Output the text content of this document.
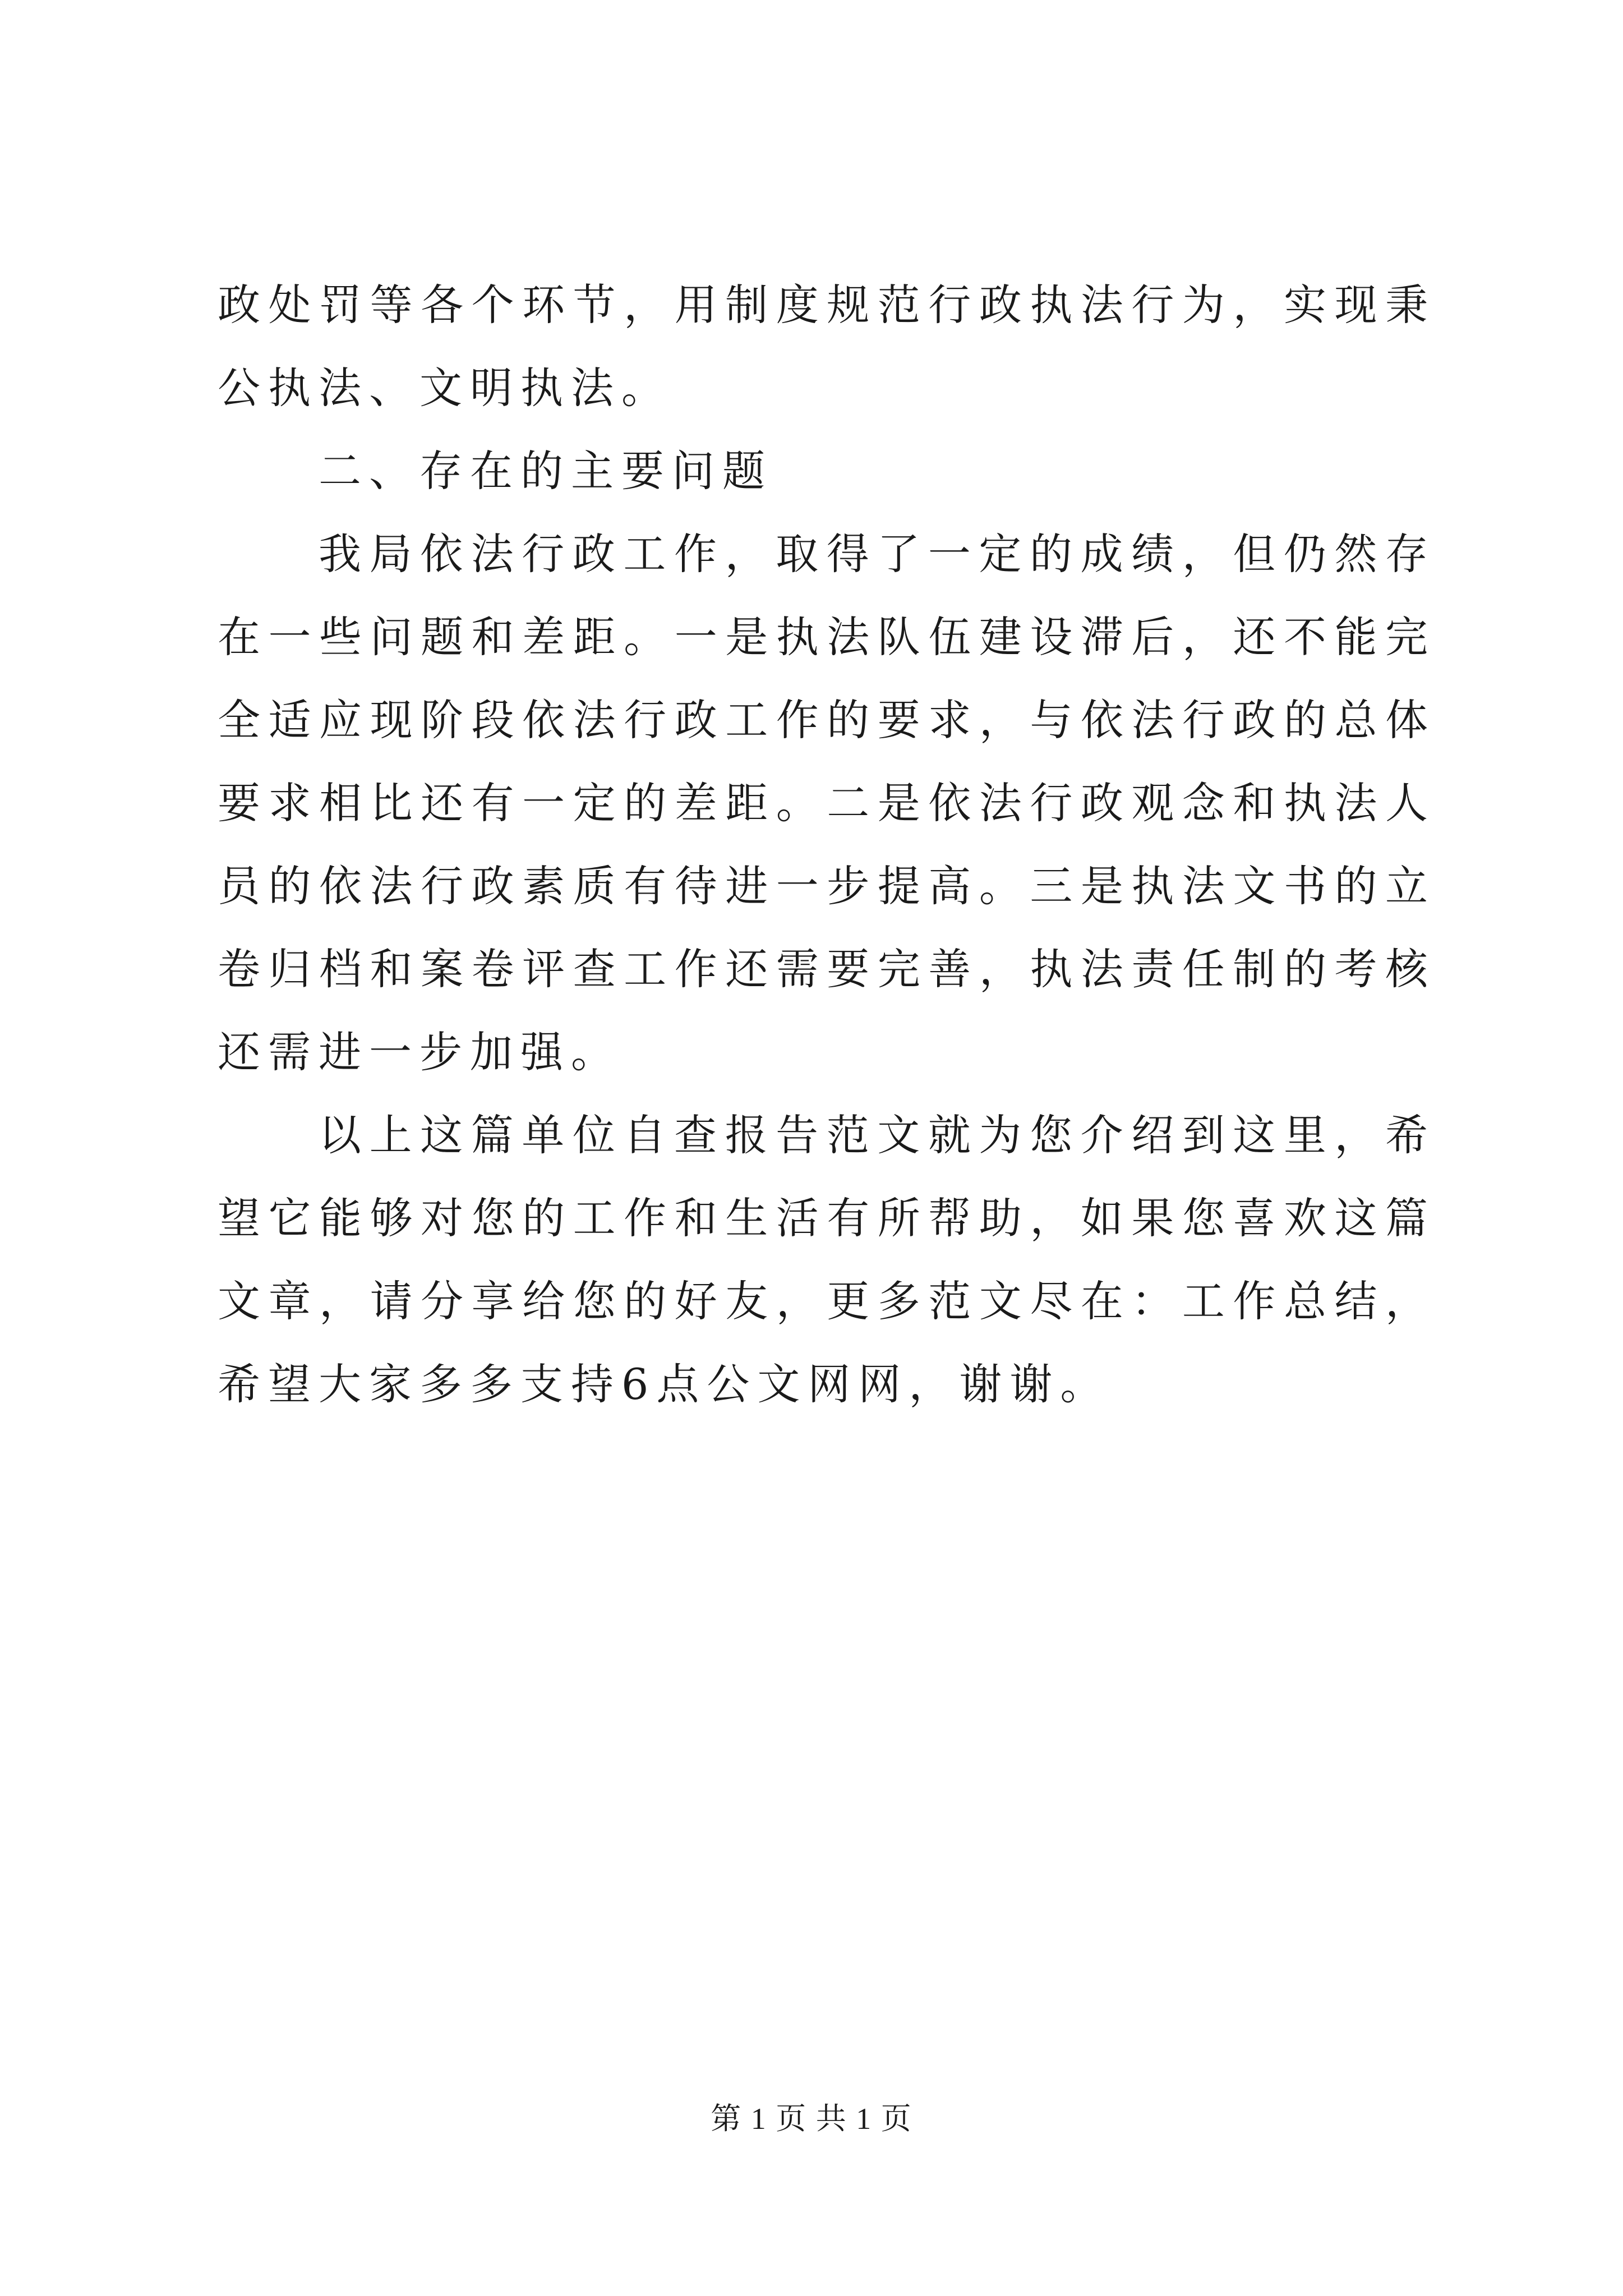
政处罚等各个环节，用制度规范行政执法行为，实现秉公执法、文明执法。

二、存在的主要问题

我局依法行政工作，取得了一定的成绩，但仍然存在一些问题和差距。一是执法队伍建设滞后，还不能完全适应现阶段依法行政工作的要求，与依法行政的总体要求相比还有一定的差距。二是依法行政观念和执法人员的依法行政素质有待进一步提高。三是执法文书的立卷归档和案卷评查工作还需要完善，执法责任制的考核还需进一步加强。

以上这篇单位自查报告范文就为您介绍到这里，希望它能够对您的工作和生活有所帮助，如果您喜欢这篇文章，请分享给您的好友，更多范文尽在：工作总结，希望大家多多支持6点公文网网，谢谢。

第 1 页 共 1 页
